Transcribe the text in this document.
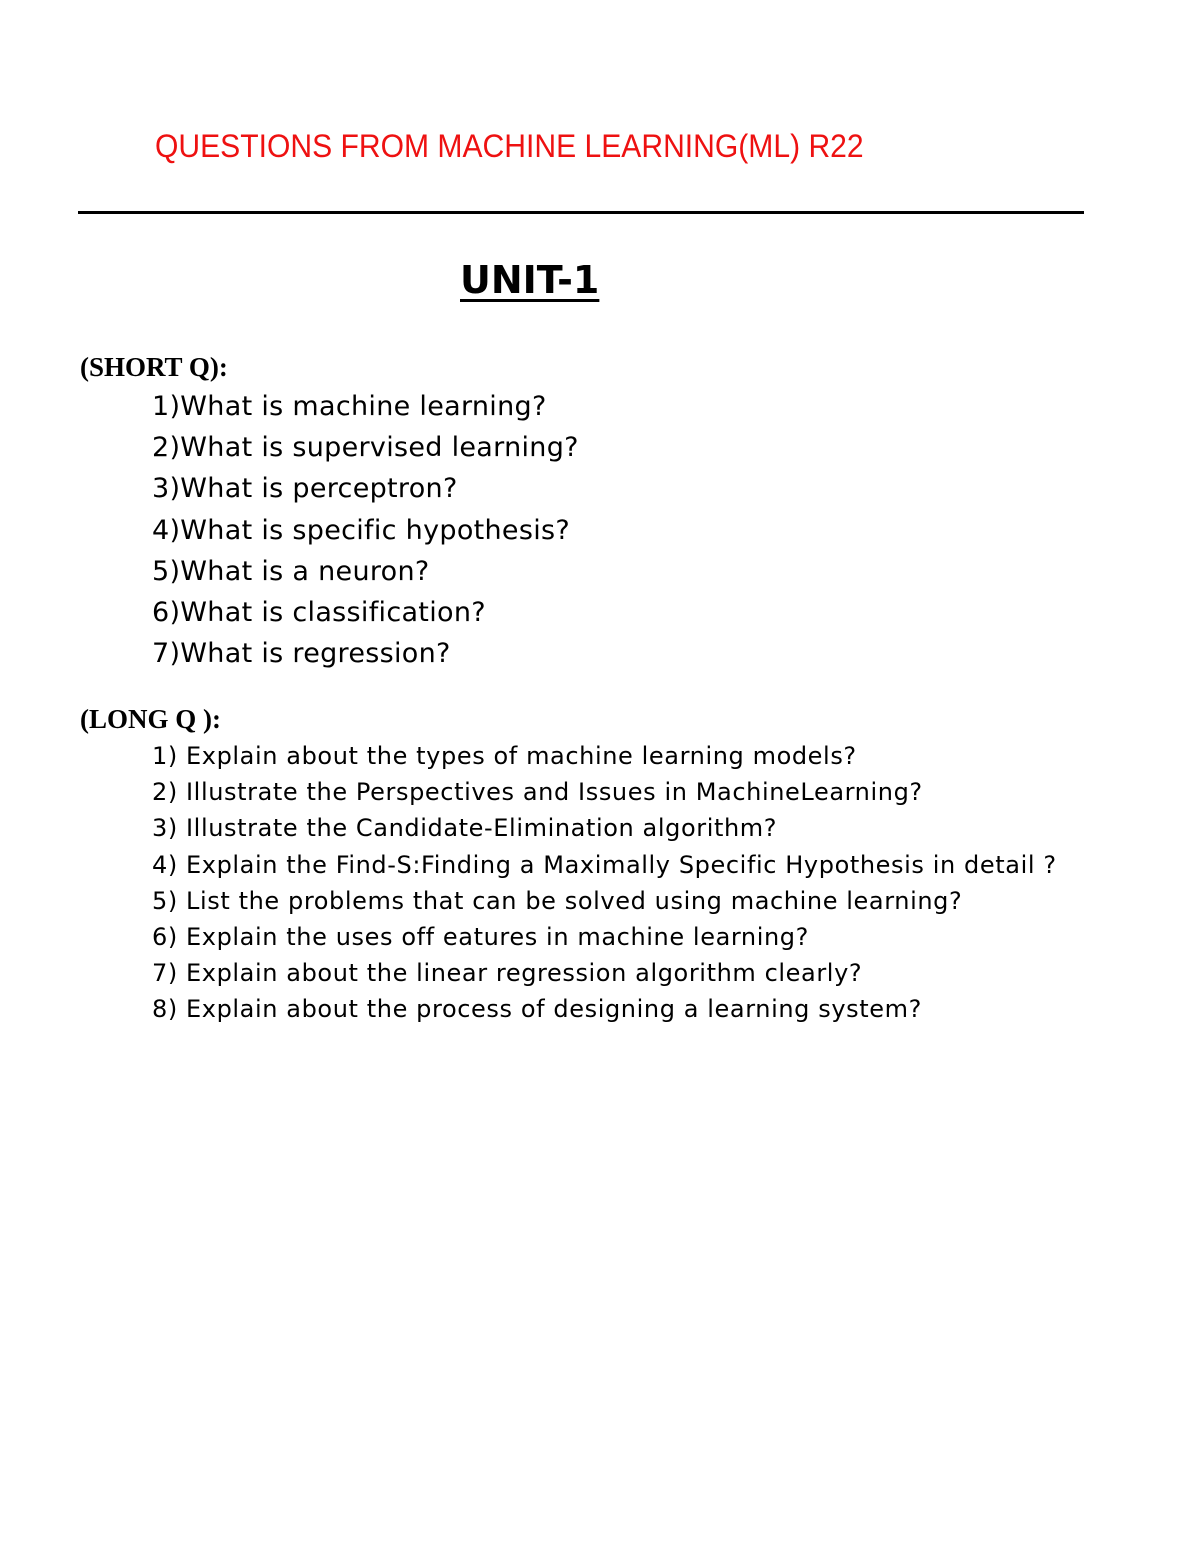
QUESTIONS FROM MACHINE LEARNING(ML) R22
UNIT-1
(SHORT Q):
1)What is machine learning?
2)What is supervised learning?
3)What is perceptron?
4)What is specific hypothesis?
5)What is a neuron?
6)What is classification?
7)What is regression?
(LONG Q ):
1) Explain about the types of machine learning models?
2) Illustrate the Perspectives and Issues in MachineLearning?
3) Illustrate the Candidate-Elimination algorithm?
4) Explain the Find-S:Finding a Maximally Specific Hypothesis in detail ?
5) List the problems that can be solved using machine learning?
6) Explain the uses off eatures in machine learning?
7) Explain about the linear regression algorithm clearly?
8) Explain about the process of designing a learning system?
